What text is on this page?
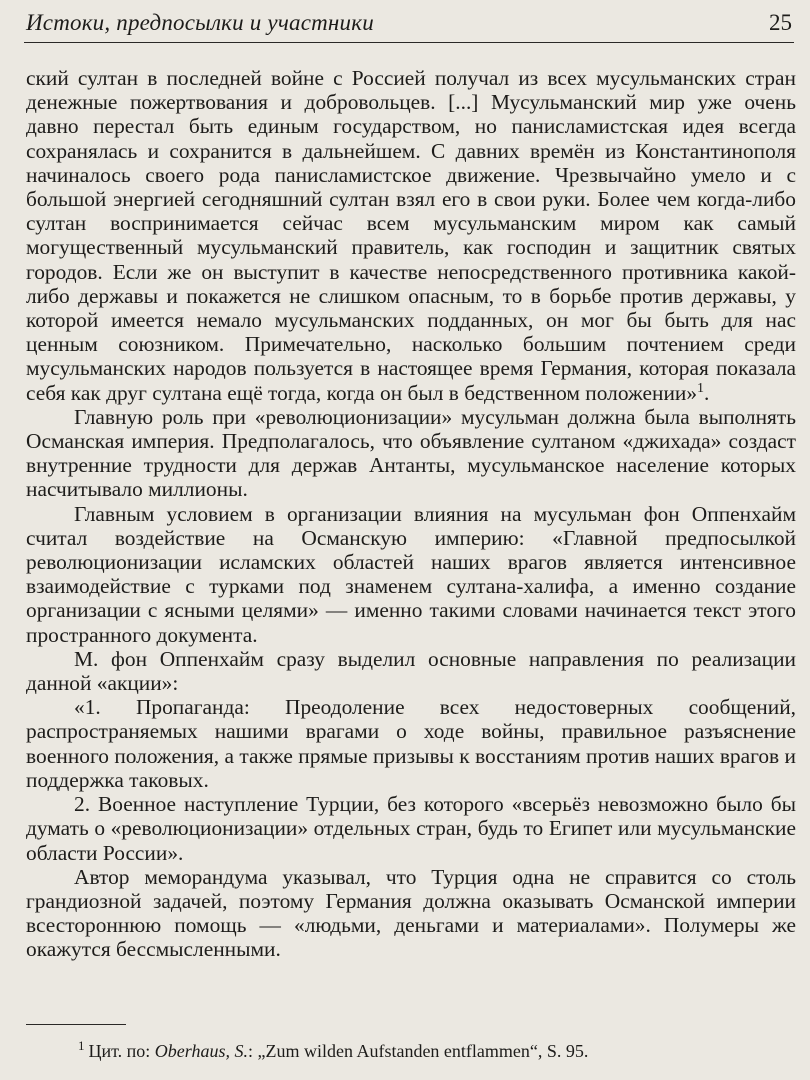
Истоки, предпосылки и участники	25

ский султан в последней войне с Россией получал из всех мусульманских стран денежные пожертвования и добровольцев. [...] Мусульманский мир уже очень давно перестал быть единым государством, но панисламистская идея всегда сохранялась и сохранится в дальнейшем. С давних времён из Константинополя начиналось своего рода панисламистское движение. Чрезвычайно умело и с большой энергией сегодняшний султан взял его в свои руки. Более чем когда-либо султан воспринимается сейчас всем мусульманским миром как самый могущественный мусульманский правитель, как господин и защитник святых городов. Если же он выступит в качестве непосредственного противника какой-либо державы и покажется не слишком опасным, то в борьбе против державы, у которой имеется немало мусульманских подданных, он мог бы быть для нас ценным союзником. Примечательно, насколько большим почтением среди мусульманских народов пользуется в настоящее время Германия, которая показала себя как друг султана ещё тогда, когда он был в бедственном положении»$^1$.

Главную роль при «революционизации» мусульман должна была выполнять Османская империя. Предполагалось, что объявление султаном «джихада» создаст внутренние трудности для держав Антанты, мусульманское население которых насчитывало миллионы.

Главным условием в организации влияния на мусульман фон Оппенхайм считал воздействие на Османскую империю: «Главной предпосылкой революционизации исламских областей наших врагов является интенсивное взаимодействие с турками под знаменем султана-халифа, а именно создание организации с ясными целями» — именно такими словами начинается текст этого пространного документа.

М. фон Оппенхайм сразу выделил основные направления по реализации данной «акции»:

«1. Пропаганда: Преодоление всех недостоверных сообщений, распространяемых нашими врагами о ходе войны, правильное разъяснение военного положения, а также прямые призывы к восстаниям против наших врагов и поддержка таковых.

2. Военное наступление Турции, без которого «всерьёз невозможно было бы думать о «революционизации» отдельных стран, будь то Египет или мусульманские области России».

Автор меморандума указывал, что Турция одна не справится со столь грандиозной задачей, поэтому Германия должна оказывать Османской империи всестороннюю помощь — «людьми, деньгами и материалами». Полумеры же окажутся бессмысленными.

$^1$ Цит. по: Oberhaus, S.: „Zum wilden Aufstanden entflammen“, S. 95.
